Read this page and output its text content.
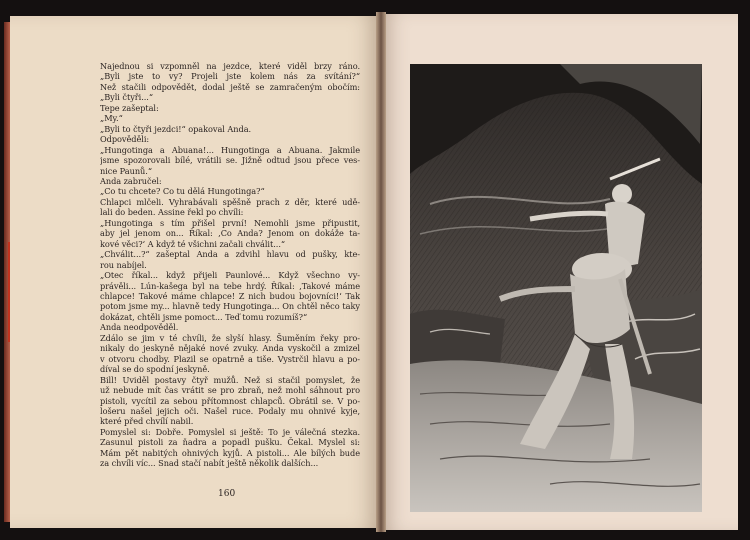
Najednou si vzpomněl na jezdce, které viděl brzy ráno.
„Byli jste to vy? Projeli jste kolem nás za svítání?“
Než stačili odpovědět, dodal ještě se zamračeným obočím:
„Byli čtyři...“
Tepe zašeptal:
„My.“
„Byli to čtyři jezdci!“ opakoval Anda.
Odpověděli:
„Hungotinga a Abuana!... Hungotinga a Abuana. Jakmile
jsme spozorovali bílé, vrátili se. Jižně odtud jsou přece ves-
nice Paunů.“
Anda zabručel:
„Co tu chcete? Co tu dělá Hungotinga?“
Chlapci mlčeli. Vyhrabávali spěšně prach z děr, které udě-
lali do beden. Assine řekl po chvíli:
„Hungotinga s tím přišel první! Nemohli jsme připustit,
aby jel jenom on... Říkal: ‚Co Anda? Jenom on dokáže ta-
kové věci?‘ A když té všichni začali chválit...“
„Chválit...?“ zašeptal Anda a zdvihl hlavu od pušky, kte-
rou nabíjel.
„Otec říkal... když přijeli Paunlové... Když všechno vy-
právěli... Lún-kašega byl na tebe hrdý. Říkal: ‚Takové máme
chlapce! Takové máme chlapce! Z nich budou bojovníci!‘ Tak
potom jsme my... hlavně tedy Hungotinga... On chtěl něco taky
dokázat, chtěli jsme pomoct... Teď tomu rozumíš?“
Anda neodpověděl.
Zdálo se jim v té chvíli, že slyší hlasy. Šuměním řeky pro-
nikaly do jeskyně nějaké nové zvuky. Anda vyskočil a zmizel
v otvoru chodby. Plazil se opatrně a tiše. Vystrčil hlavu a po-
díval se do spodní jeskyně.
Bill! Uviděl postavy čtyř mužů. Než si stačil pomyslet, že
už nebude mít čas vrátit se pro zbraň, než mohl sáhnout pro
pistoli, vycítil za sebou přítomnost chlapců. Obrátil se. V po-
lošeru našel jejich oči. Našel ruce. Podaly mu ohnivé kyje,
které před chvílí nabil.
Pomyslel si: Dobře. Pomyslel si ještě: To je válečná stezka.
Zasunul pistoli za ňadra a popadl pušku. Čekal. Myslel si:
Mám pět nabitých ohnivých kyjů. A pistoli... Ale bílých bude
za chvíli víc... Snad stačí nabít ještě několik dalších...
160
